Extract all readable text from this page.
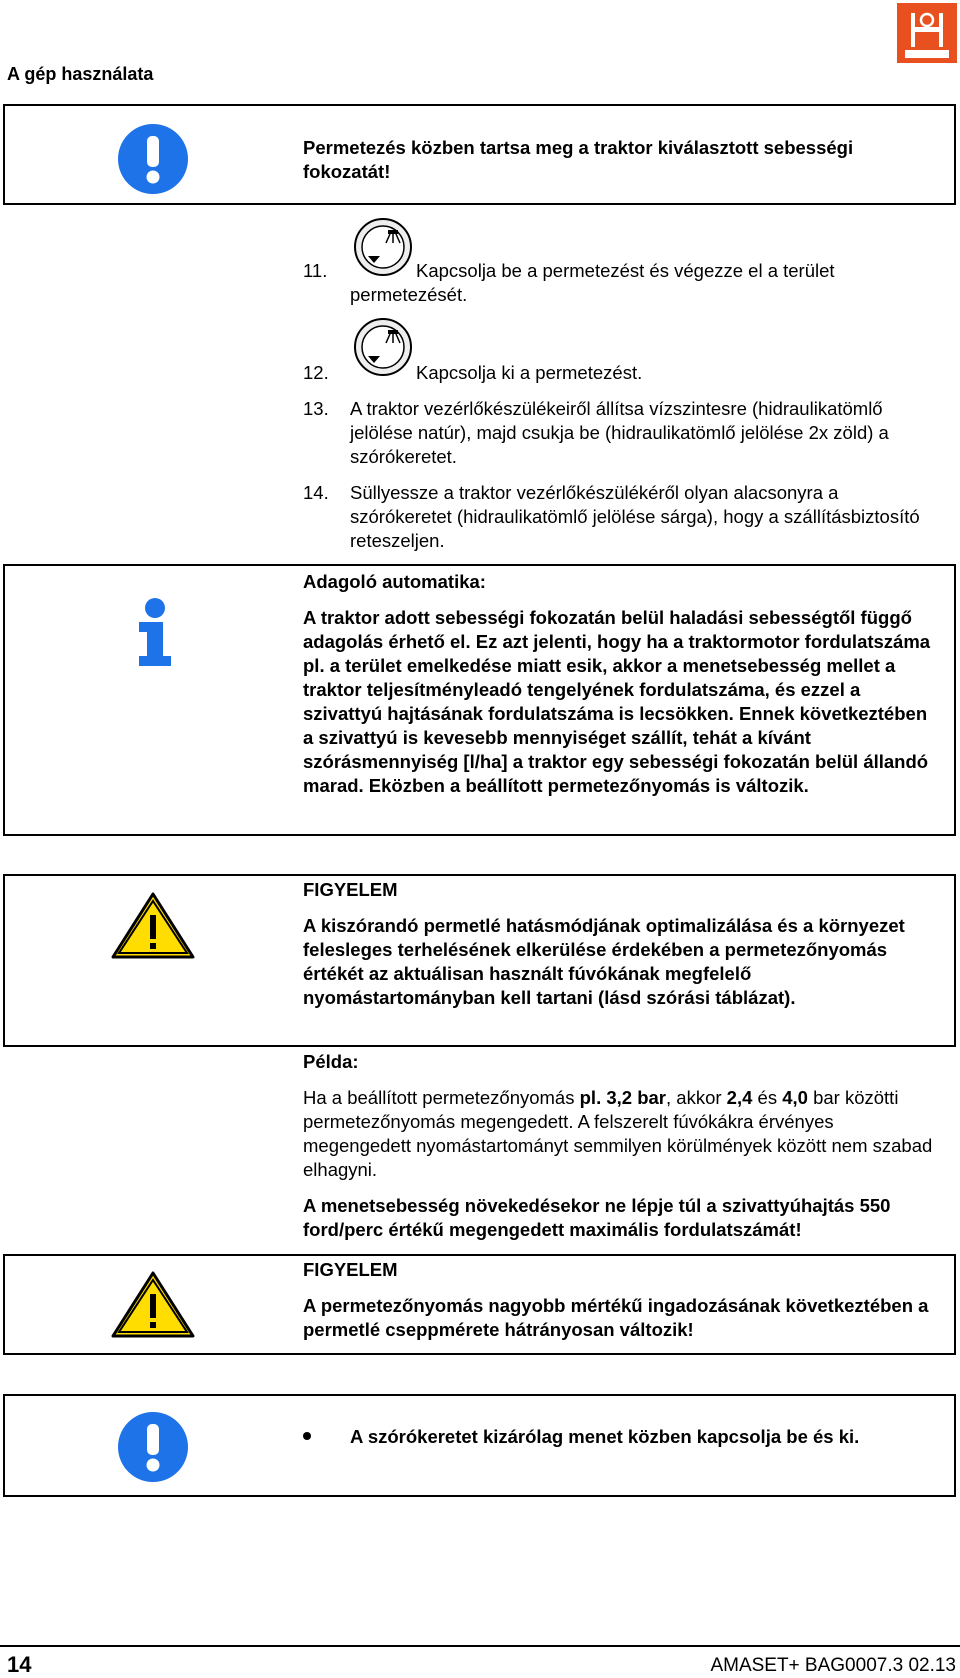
A gép használata
Permetezés közben tartsa meg a traktor kiválasztott sebességi fokozatát!
11.	Kapcsolja be a permetezést és végezze el a terület
permetezését.
12.	Kapcsolja ki a permetezést.
13. A traktor vezérlőkészülékeiről állítsa vízszintesre (hidraulikatömlő jelölése natúr), majd csukja be (hidraulikatömlő jelölése 2x zöld) a szórókeretet.
14. Süllyessze a traktor vezérlőkészülékéről olyan alacsonyra a szórókeretet (hidraulikatömlő jelölése sárga), hogy a szállításbiztosító reteszeljen.
Adagoló automatika:
A traktor adott sebességi fokozatán belül haladási sebességtől függő adagolás érhető el. Ez azt jelenti, hogy ha a traktormotor fordulatszáma pl. a terület emelkedése miatt esik, akkor a menetsebesség mellet a traktor teljesítményleadó tengelyének fordulatszáma, és ezzel a szivattyú hajtásának fordulatszáma is lecsökken. Ennek következtében a szivattyú is kevesebb mennyiséget szállít, tehát a kívánt szórásmennyiség [l/ha] a traktor egy sebességi fokozatán belül állandó marad. Eközben a beállított permetezőnyomás is változik.
FIGYELEM
A kiszórandó permetlé hatásmódjának optimalizálása és a környezet felesleges terhelésének elkerülése érdekében a permetezőnyomás értékét az aktuálisan használt fúvókának megfelelő nyomástartományban kell tartani (lásd szórási táblázat).
Példa:
Ha a beállított permetezőnyomás pl. 3,2 bar, akkor 2,4 és 4,0 bar közötti permetezőnyomás megengedett. A felszerelt fúvókákra érvényes megengedett nyomástartományt semmilyen körülmények között nem szabad elhagyni.
A menetsebesség növekedésekor ne lépje túl a szivattyúhajtás 550 ford/perc értékű megengedett maximális fordulatszámát!
FIGYELEM
A permetezőnyomás nagyobb mértékű ingadozásának következtében a permetlé cseppmérete hátrányosan változik!
A szórókeretet kizárólag menet közben kapcsolja be és ki.
14	AMASET+ BAG0007.3 02.13
